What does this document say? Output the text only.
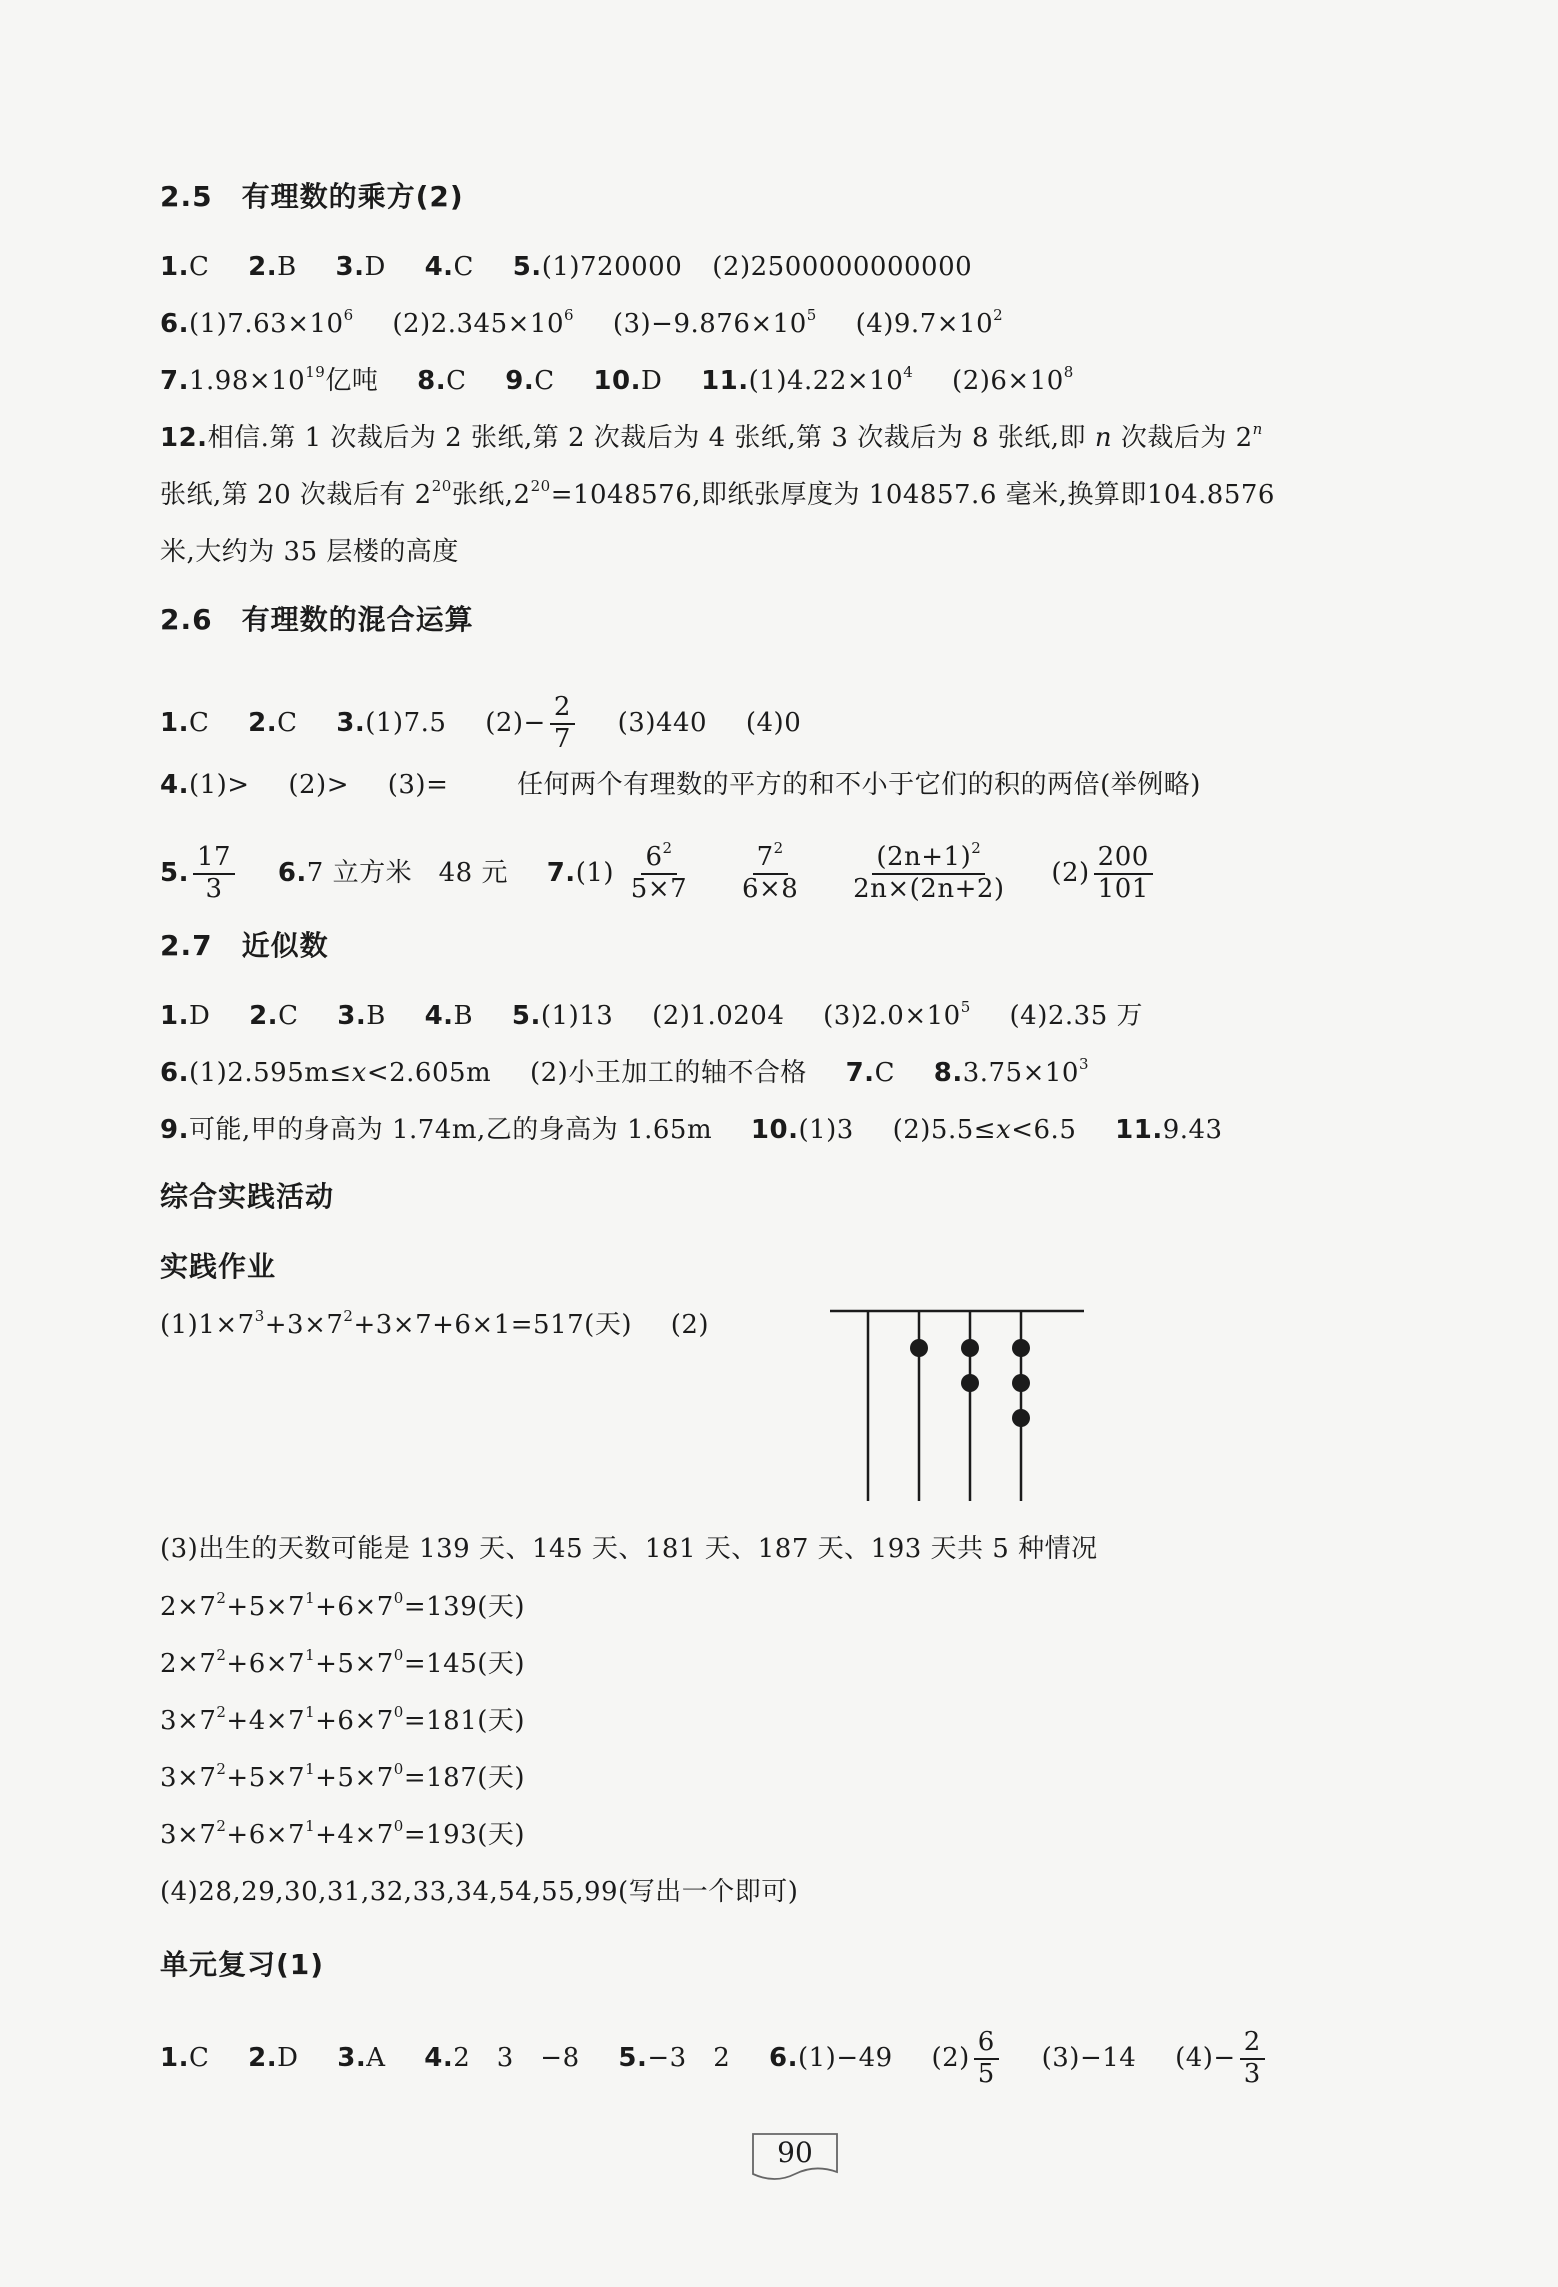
2.5　有理数的乘方(2)
1.C 2.B 3.D 4.C 5.(1)720000 (2)2500000000000
$6.(1)7.63\times 10^6$ $(2)2.345\times 10^6$ $(3)-9.876\times 10^5$ $(4)9.7\times 10^2$
$7.1.98\times 10^{19}$亿吨 8.C 9.C 10.D $11.(1)4.22\times 10^4$ $(2)6\times 10^8$
12.相信.第 1 次裁后为 2 张纸,第 2 次裁后为 4 张纸,第 3 次裁后为 8 张纸,即 n 次裁后为 2$^n$
张纸,第 20 次裁后有 $2^{20}$张纸$,2^{20}=1048576$,即纸张厚度为 104857.6 毫米,换算即104.8576
米,大约为 35 层楼的高度
2.6　有理数的混合运算
1.C 2.C 3.(1)7.5 $(2)- \frac{2}{7} (3)440$ (4)0
4.(1)> (2)> (3)=	任何两个有理数的平方的和不小于它们的积的两倍(举例略)
5. $\frac{17}{3} 6.7$ 立方米　48 元 $7.(1) \frac{6^2}{5\times 7}$
$\frac{7^2}{6\times 8}$
$\frac{(2n+1)^2}{2n\times(2n+2)} (2) \frac{200}{101}$
2.7　近似数
1.D 2.C 3.B 4.B 5.(1)13 (2)1.0204 $(3)2.0\times 10^5$ (4)2.35 万
6.(1)2.595m≤x<2.605m (2)小王加工的轴不合格 7.C $8.3.75\times 10^3$
9.可能,甲的身高为 1.74m,乙的身高为 1.65m 10.(1)3 (2)5.5≤x<6.5 11.9.43
综合实践活动
实践作业
$(1)1\times 7^3+3\times 7^2+3\times 7+6\times 1=517$(天) (2)
(3)出生的天数可能是 139 天、145 天、181 天、187 天、193 天共 5 种情况
$2\times 7^2+5\times 7^1+6\times 7^0=139$(天)
$2\times 7^2+6\times 7^1+5\times 7^0=145$(天)
$3\times 7^2+4\times 7^1+6\times 7^0=181$(天)
$3\times 7^2+5\times 7^1+5\times 7^0=187$(天)
$3\times 7^2+6\times 7^1+4\times 7^0=193$(天)
(4)28,29,30,31,32,33,34,54,55,99(写出一个即可)
单元复习(1)
1.C 2.D 3.A 4.2　3　−8 5.−3　2 6.(1)−49 $(2) \frac{6}{5} (3)-14$ $(4)- \frac{2}{3}$
90
